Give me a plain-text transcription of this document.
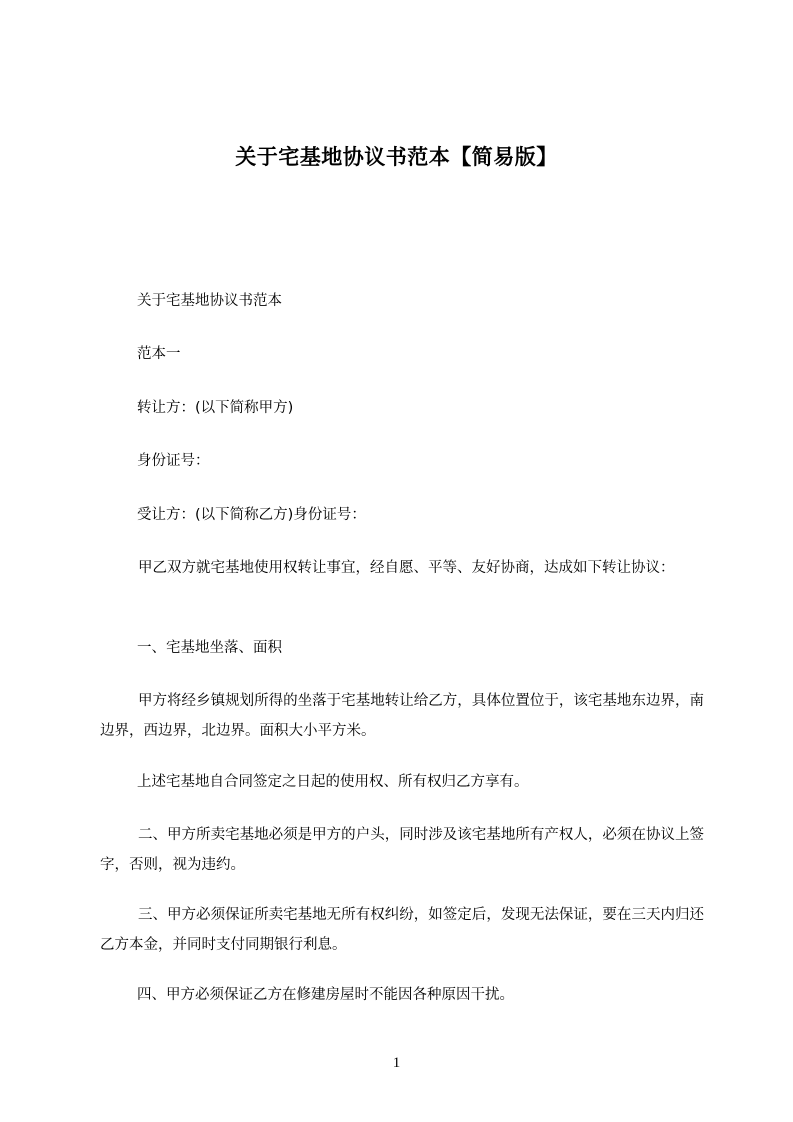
关于宅基地协议书范本【简易版】
关于宅基地协议书范本
范本一
转让方：(以下简称甲方)
身份证号：
受让方：(以下简称乙方)身份证号：
甲乙双方就宅基地使用权转让事宜，经自愿、平等、友好协商，达成如下转让协议：
一、宅基地坐落、面积
甲方将经乡镇规划所得的坐落于宅基地转让给乙方，具体位置位于，该宅基地东边界，南边界，西边界，北边界。面积大小平方米。
上述宅基地自合同签定之日起的使用权、所有权归乙方享有。
二、甲方所卖宅基地必须是甲方的户头，同时涉及该宅基地所有产权人，必须在协议上签字，否则，视为违约。
三、甲方必须保证所卖宅基地无所有权纠纷，如签定后，发现无法保证，要在三天内归还乙方本金，并同时支付同期银行利息。
四、甲方必须保证乙方在修建房屋时不能因各种原因干扰。
1
